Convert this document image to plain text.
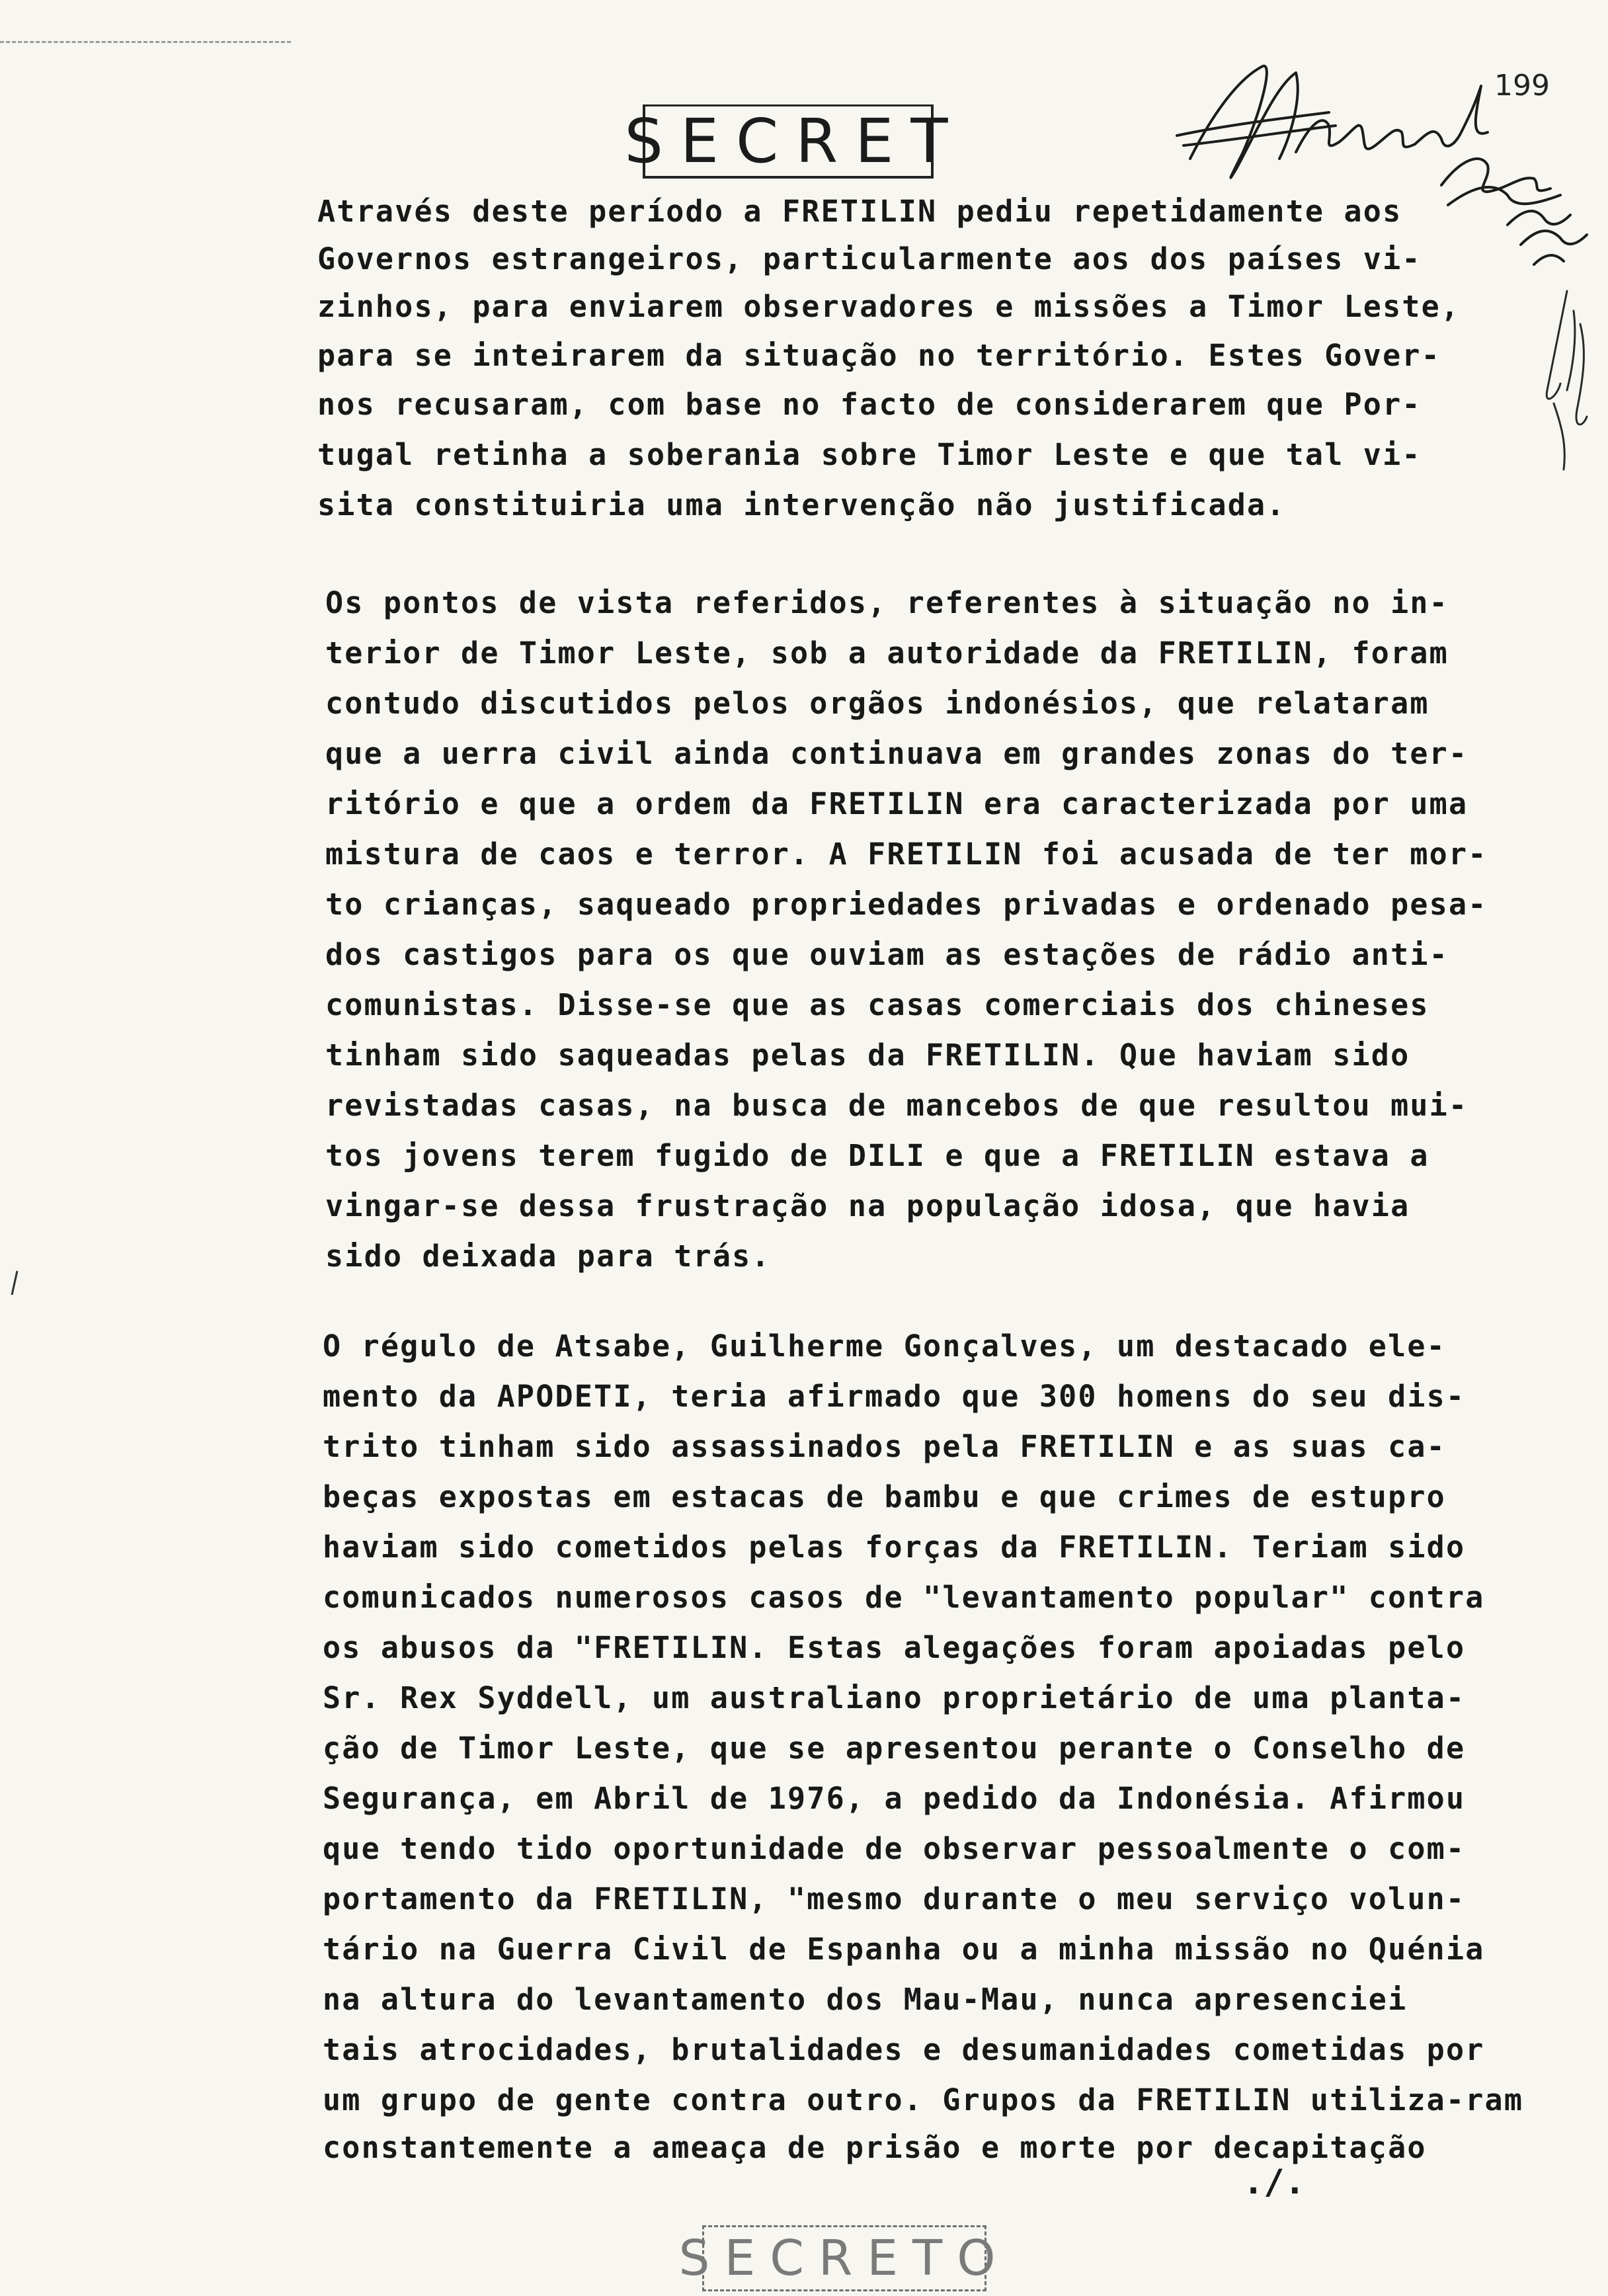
SECRET
199
Através deste período a FRETILIN pediu repetidamente aos
Governos estrangeiros, particularmente aos dos países vi-
zinhos, para enviarem observadores e missões a Timor Leste,
para se inteirarem da situação no território. Estes Gover-
nos recusaram, com base no facto de considerarem que Por-
tugal retinha a soberania sobre Timor Leste e que tal vi-
sita constituiria uma intervenção não justificada.
Os pontos de vista referidos, referentes à situação no in-
terior de Timor Leste, sob a autoridade da FRETILIN, foram
contudo discutidos pelos orgãos indonésios, que relataram
que a uerra civil ainda continuava em grandes zonas do ter-
ritório e que a ordem da FRETILIN era caracterizada por uma
mistura de caos e terror. A FRETILIN foi acusada de ter mor-
to crianças, saqueado propriedades privadas e ordenado pesa-
dos castigos para os que ouviam as estações de rádio anti-
comunistas. Disse-se que as casas comerciais dos chineses
tinham sido saqueadas pelas da FRETILIN. Que haviam sido
revistadas casas, na busca de mancebos de que resultou mui-
tos jovens terem fugido de DILI e que a FRETILIN estava a
vingar-se dessa frustração na população idosa, que havia
sido deixada para trás.
O régulo de Atsabe, Guilherme Gonçalves, um destacado ele-
mento da APODETI, teria afirmado que 300 homens do seu dis-
trito tinham sido assassinados pela FRETILIN e as suas ca-
beças expostas em estacas de bambu e que crimes de estupro
haviam sido cometidos pelas forças da FRETILIN. Teriam sido
comunicados numerosos casos de "levantamento popular" contra
os abusos da "FRETILIN. Estas alegações foram apoiadas pelo
Sr. Rex Syddell, um australiano proprietário de uma planta-
ção de Timor Leste, que se apresentou perante o Conselho de
Segurança, em Abril de 1976, a pedido da Indonésia. Afirmou
que tendo tido oportunidade de observar pessoalmente o com-
portamento da FRETILIN, "mesmo durante o meu serviço volun-
tário na Guerra Civil de Espanha ou a minha missão no Quénia
na altura do levantamento dos Mau-Mau, nunca apresenciei
tais atrocidades, brutalidades e desumanidades cometidas por
um grupo de gente contra outro. Grupos da FRETILIN utiliza-ram
constantemente a ameaça de prisão e morte por decapitação
./.
SECRETO
